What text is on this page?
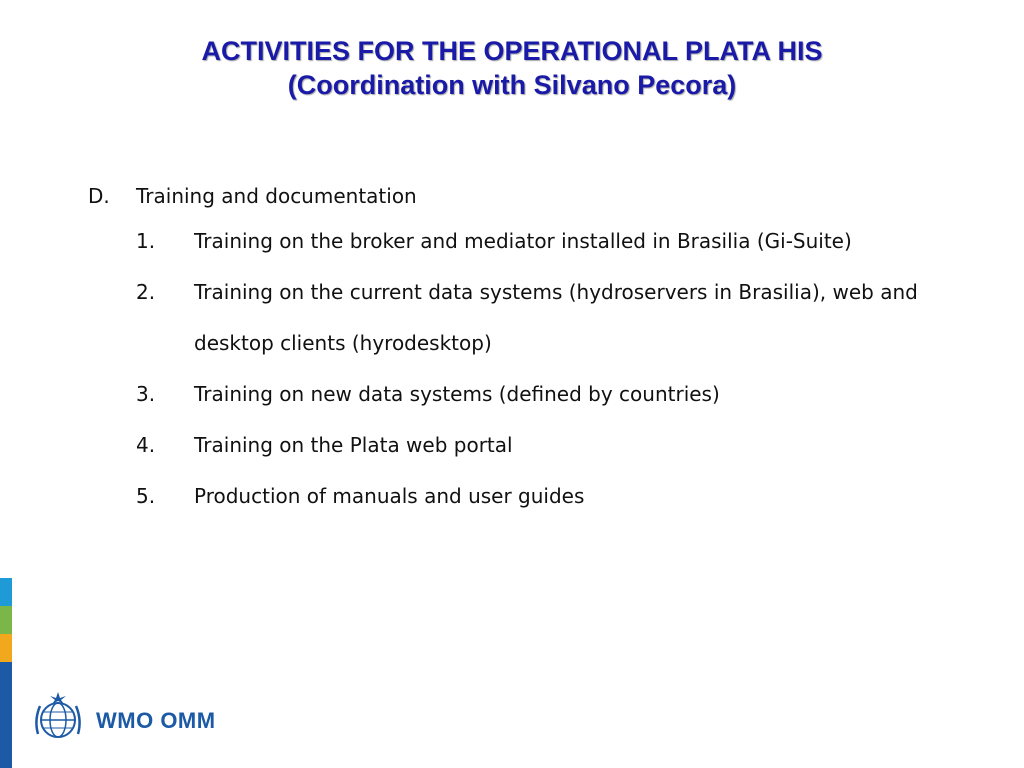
ACTIVITIES FOR THE OPERATIONAL PLATA HIS
(Coordination with Silvano Pecora)
D.	Training and documentation
1.	Training on the broker and mediator installed in Brasilia (Gi-Suite)
2.	Training on the current data systems (hydroservers in Brasilia), web and desktop clients (hyrodesktop)
3.	Training on new data systems (defined by countries)
4.	Training on the Plata web portal
5.	Production of manuals and user guides
WMO OMM
